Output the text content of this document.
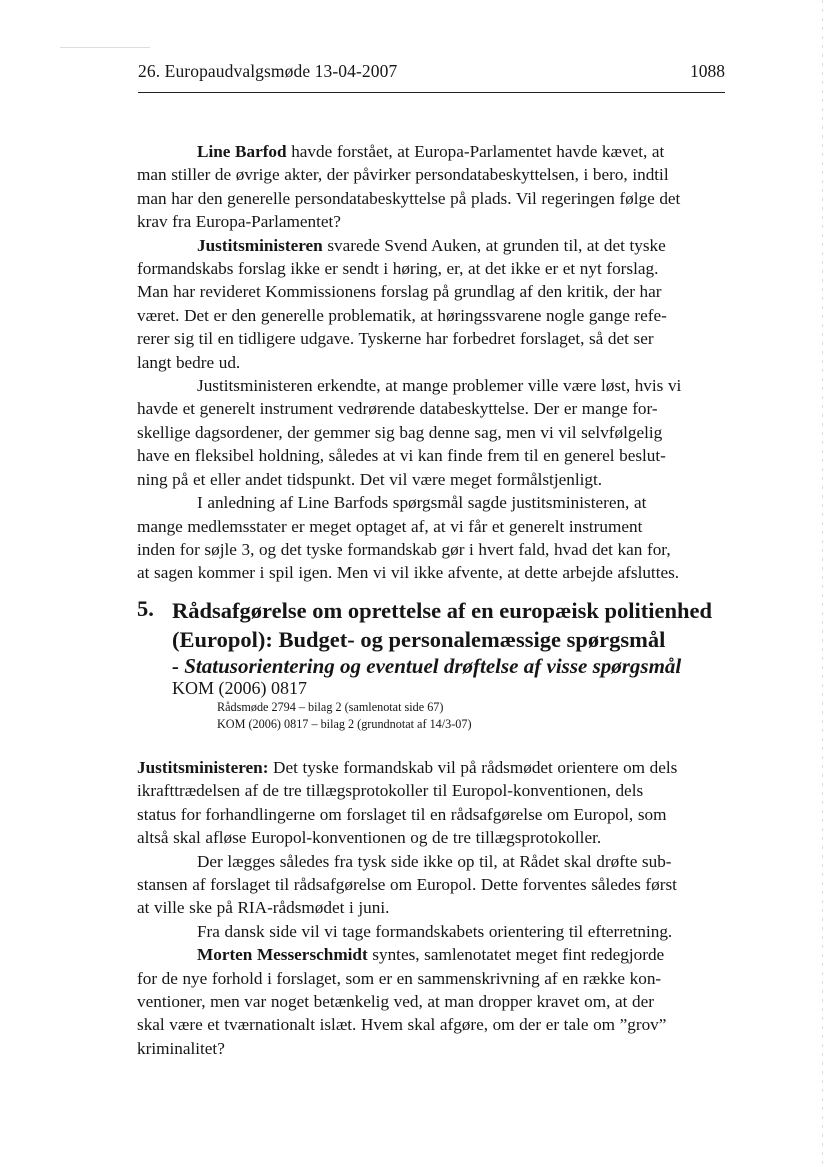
26. Europaudvalgsmøde 13-04-2007	1088
Line Barfod havde forstået, at Europa-Parlamentet havde kævet, at
man stiller de øvrige akter, der påvirker persondatabeskyttelsen, i bero, indtil
man har den generelle persondatabeskyttelse på plads. Vil regeringen følge det
krav fra Europa-Parlamentet?
Justitsministeren svarede Svend Auken, at grunden til, at det tyske
formandskabs forslag ikke er sendt i høring, er, at det ikke er et nyt forslag.
Man har revideret Kommissionens forslag på grundlag af den kritik, der har
været. Det er den generelle problematik, at høringssvarene nogle gange refe-
rerer sig til en tidligere udgave. Tyskerne har forbedret forslaget, så det ser
langt bedre ud.
Justitsministeren erkendte, at mange problemer ville være løst, hvis vi
havde et generelt instrument vedrørende databeskyttelse. Der er mange for-
skellige dagsordener, der gemmer sig bag denne sag, men vi vil selvfølgelig
have en fleksibel holdning, således at vi kan finde frem til en generel beslut-
ning på et eller andet tidspunkt. Det vil være meget formålstjenligt.
I anledning af Line Barfods spørgsmål sagde justitsministeren, at
mange medlemsstater er meget optaget af, at vi får et generelt instrument
inden for søjle 3, og det tyske formandskab gør i hvert fald, hvad det kan for,
at sagen kommer i spil igen. Men vi vil ikke afvente, at dette arbejde afsluttes.
5. Rådsafgørelse om oprettelse af en europæisk politienhed
(Europol): Budget- og personalemæssige spørgsmål
- Statusorientering og eventuel drøftelse af visse spørgsmål
KOM (2006) 0817
Rådsmøde 2794 – bilag 2 (samlenotat side 67)
KOM (2006) 0817 – bilag 2 (grundnotat af 14/3-07)
Justitsministeren: Det tyske formandskab vil på rådsmødet orientere om dels
ikrafttrædelsen af de tre tillægsprotokoller til Europol-konventionen, dels
status for forhandlingerne om forslaget til en rådsafgørelse om Europol, som
altså skal afløse Europol-konventionen og de tre tillægsprotokoller.
Der lægges således fra tysk side ikke op til, at Rådet skal drøfte sub-
stansen af forslaget til rådsafgørelse om Europol. Dette forventes således først
at ville ske på RIA-rådsmødet i juni.
Fra dansk side vil vi tage formandskabets orientering til efterretning.
Morten Messerschmidt syntes, samlenotatet meget fint redegjorde
for de nye forhold i forslaget, som er en sammenskrivning af en række kon-
ventioner, men var noget betænkelig ved, at man dropper kravet om, at der
skal være et tværnationalt islæt. Hvem skal afgøre, om der er tale om ”grov”
kriminalitet?
